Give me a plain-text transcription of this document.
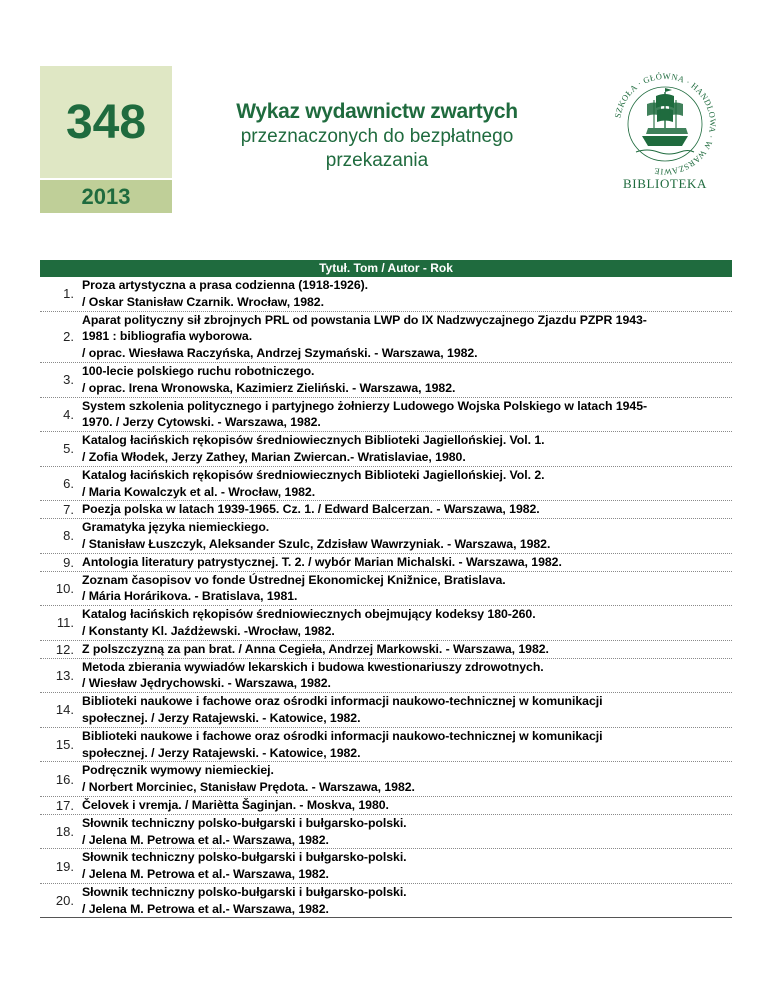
348
2013
Wykaz wydawnictw zwartych
przeznaczonych do bezpłatnego
przekazania
SZKOŁA · GŁÓWNA · HANDLOWA · W WARSZAWIE
BIBLIOTEKA
Tytuł. Tom / Autor - Rok
1.
Proza artystyczna a prasa codzienna (1918-1926).
/ Oskar Stanisław Czarnik. Wrocław, 1982.
2.
Aparat polityczny sił zbrojnych PRL od powstania LWP do IX Nadzwyczajnego Zjazdu PZPR 1943-
1981 : bibliografia wyborowa.
/ oprac. Wiesława Raczyńska, Andrzej Szymański. - Warszawa, 1982.
3.
100-lecie polskiego ruchu robotniczego.
/ oprac. Irena Wronowska, Kazimierz Zieliński. - Warszawa, 1982.
4.
System szkolenia politycznego i partyjnego żołnierzy Ludowego Wojska Polskiego w latach 1945-
1970. / Jerzy Cytowski. - Warszawa, 1982.
5.
Katalog łacińskich rękopisów średniowiecznych Biblioteki Jagiellońskiej. Vol. 1.
/ Zofia Włodek, Jerzy Zathey, Marian Zwiercan.- Wratislaviae, 1980.
6.
Katalog łacińskich rękopisów średniowiecznych Biblioteki Jagiellońskiej. Vol. 2.
/ Maria Kowalczyk et al. - Wrocław, 1982.
7. Poezja polska w latach 1939-1965. Cz. 1. / Edward Balcerzan. - Warszawa, 1982.
8.
Gramatyka języka niemieckiego.
/ Stanisław Łuszczyk, Aleksander Szulc, Zdzisław Wawrzyniak. - Warszawa, 1982.
9. Antologia literatury patrystycznej. T. 2. / wybór Marian Michalski. - Warszawa, 1982.
10.
Zoznam časopisov vo fonde Ústrednej Ekonomickej Knižnice, Bratislava.
/ Mária Horárikova. - Bratislava, 1981.
11.
Katalog łacińskich rękopisów średniowiecznych obejmujący kodeksy 180-260.
/ Konstanty Kl. Jaźdżewski. -Wrocław, 1982.
12. Z polszczyzną za pan brat. / Anna Cegieła, Andrzej Markowski. - Warszawa, 1982.
13.
Metoda zbierania wywiadów lekarskich i budowa kwestionariuszy zdrowotnych.
/ Wiesław Jędrychowski. - Warszawa, 1982.
14.
Biblioteki naukowe i fachowe oraz ośrodki informacji naukowo-technicznej w komunikacji
społecznej. / Jerzy Ratajewski. - Katowice, 1982.
15.
Biblioteki naukowe i fachowe oraz ośrodki informacji naukowo-technicznej w komunikacji
społecznej. / Jerzy Ratajewski. - Katowice, 1982.
16.
Podręcznik wymowy niemieckiej.
/ Norbert Morciniec, Stanisław Prędota. - Warszawa, 1982.
17. Čelovek i vremja. / Mariètta Šaginjan. - Moskva, 1980.
18.
Słownik techniczny polsko-bułgarski i bułgarsko-polski.
/ Jelena M. Petrowa et al.- Warszawa, 1982.
19.
Słownik techniczny polsko-bułgarski i bułgarsko-polski.
/ Jelena M. Petrowa et al.- Warszawa, 1982.
20.
Słownik techniczny polsko-bułgarski i bułgarsko-polski.
/ Jelena M. Petrowa et al.- Warszawa, 1982.
